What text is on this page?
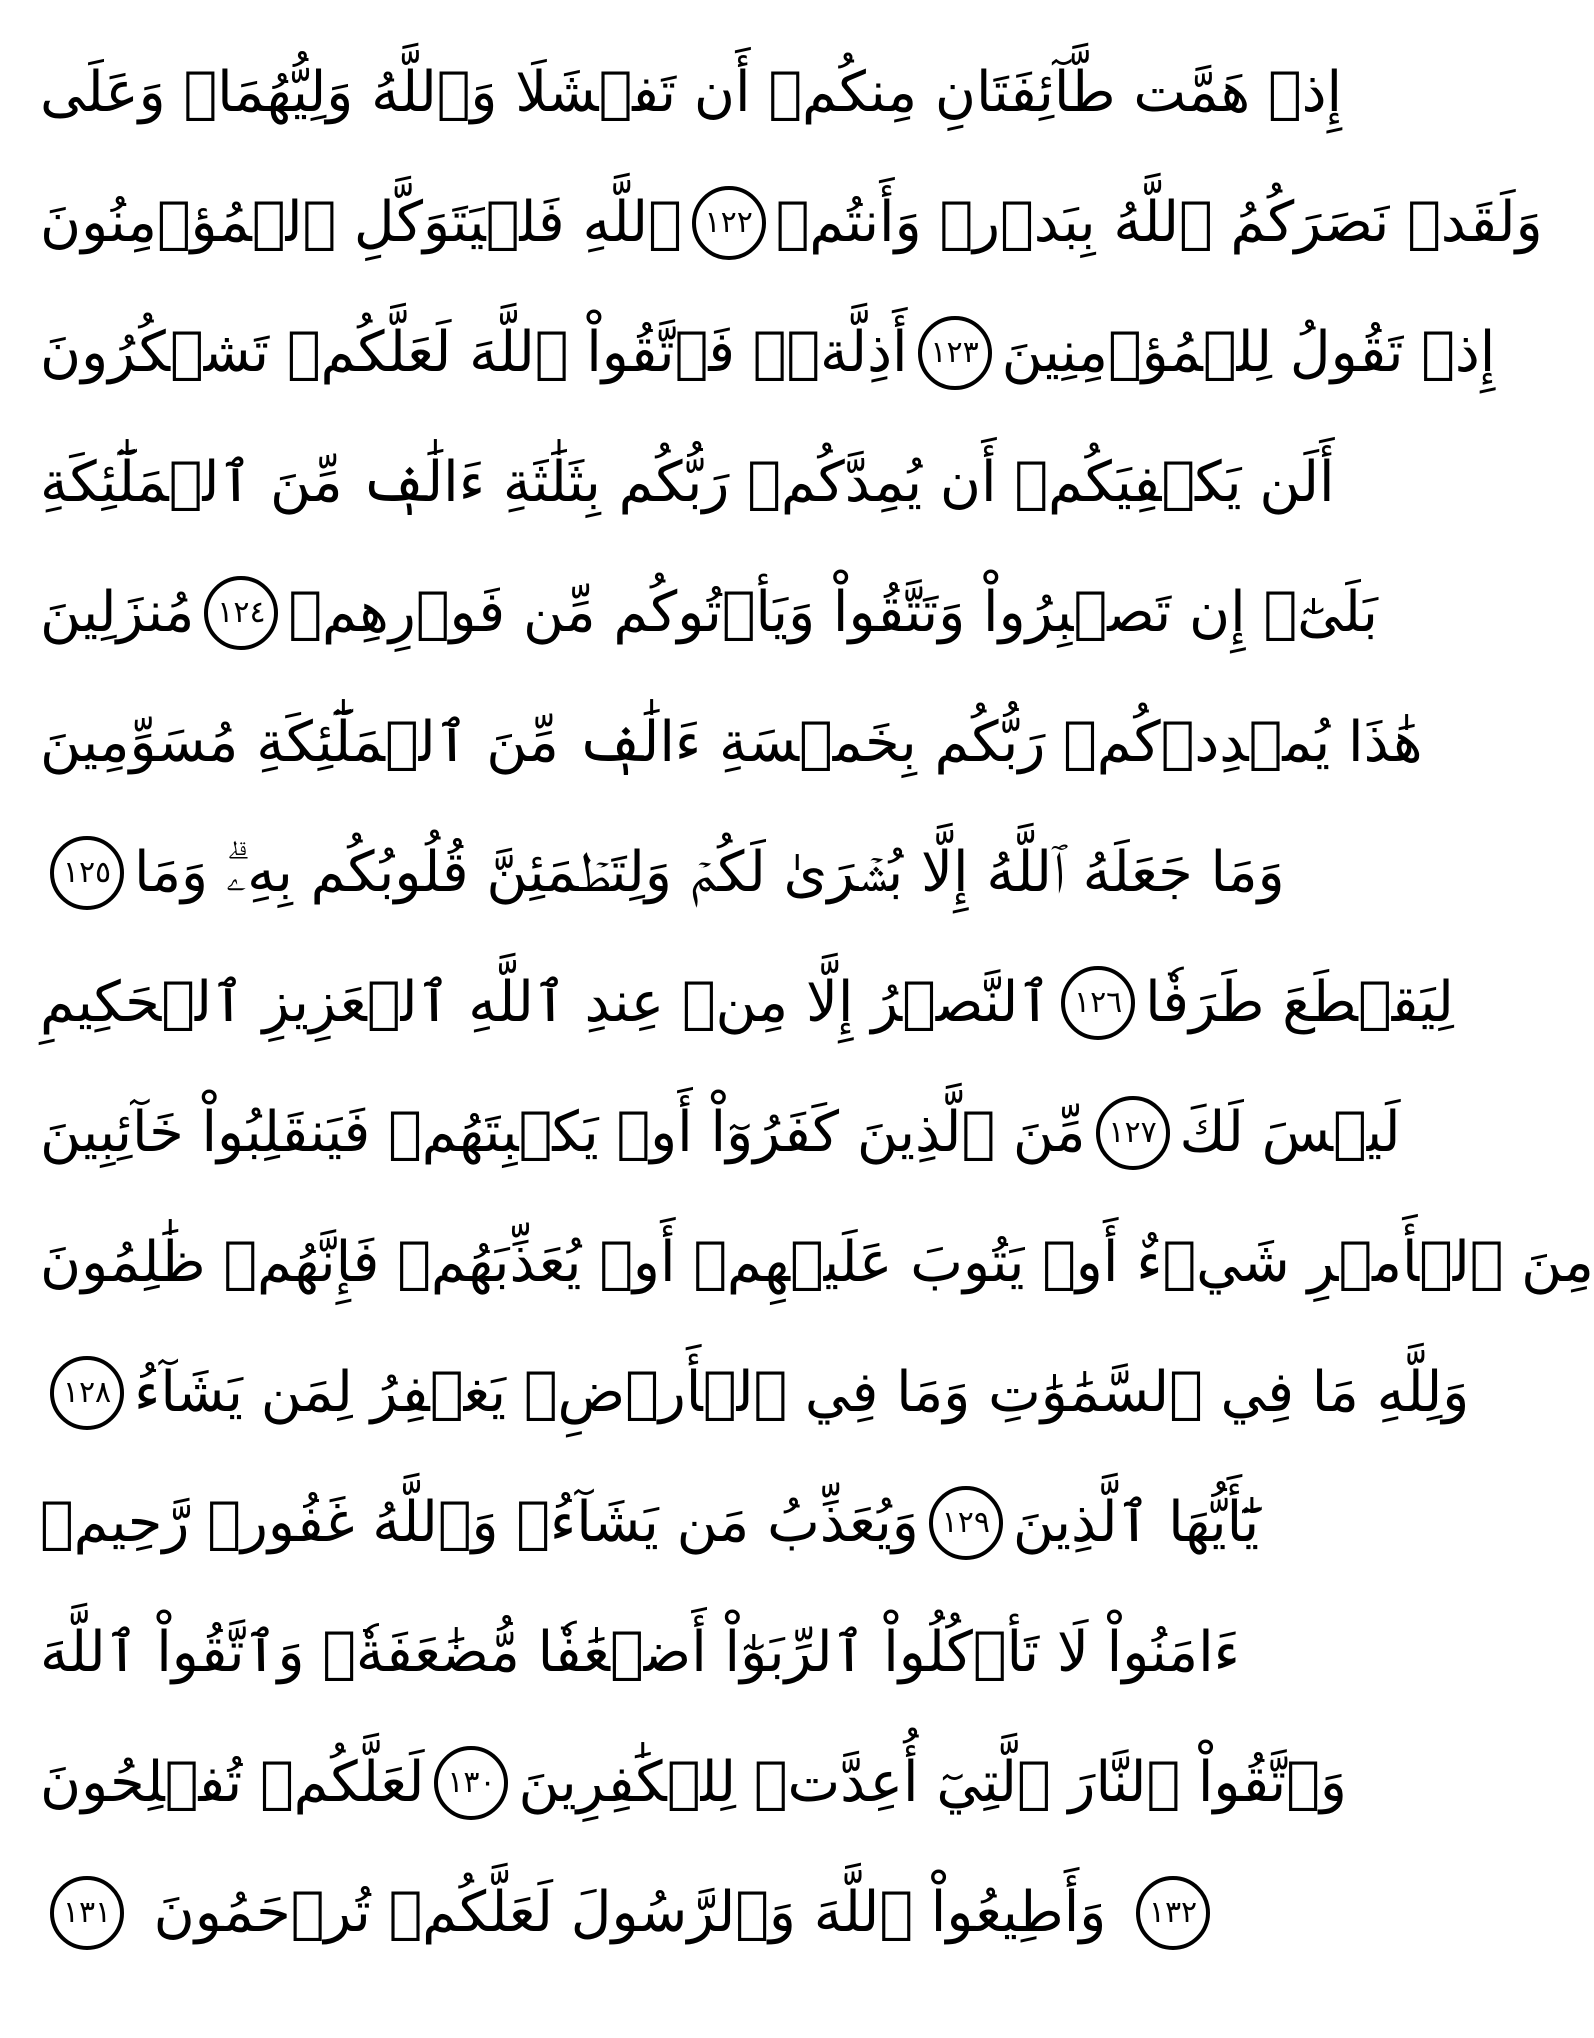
إِذۡ هَمَّت طَّآئِفَتَانِ مِنكُمۡ أَن تَفۡشَلَا وَٱللَّهُ وَلِيُّهُمَاۗ وَعَلَى
ٱللَّهِ فَلۡيَتَوَكَّلِ ٱلۡمُؤۡمِنُونَ ١٢٢ وَلَقَدۡ نَصَرَكُمُ ٱللَّهُ بِبَدۡرٖ وَأَنتُمۡ
أَذِلَّةٞۖ فَٱتَّقُواْ ٱللَّهَ لَعَلَّكُمۡ تَشۡكُرُونَ ١٢٣ إِذۡ تَقُولُ لِلۡمُؤۡمِنِينَ
أَلَن يَكۡفِيَكُمۡ أَن يُمِدَّكُمۡ رَبُّكُم بِثَلَٰثَةِ ءَالَٰفٖ مِّنَ ٱلۡمَلَٰٓئِكَةِ
مُنزَلِينَ ١٢٤ بَلَىٰٓۚ إِن تَصۡبِرُواْ وَتَتَّقُواْ وَيَأۡتُوكُم مِّن فَوۡرِهِمۡ
هَٰذَا يُمۡدِدۡكُمۡ رَبُّكُم بِخَمۡسَةِ ءَالَٰفٖ مِّنَ ٱلۡمَلَٰٓئِكَةِ مُسَوِّمِينَ
١٢٥ وَمَا جَعَلَهُ ٱللَّهُ إِلَّا بُشۡرَىٰ لَكُمۡ وَلِتَطۡمَئِنَّ قُلُوبُكُم بِهِۦۗ وَمَا
ٱلنَّصۡرُ إِلَّا مِنۡ عِندِ ٱللَّهِ ٱلۡعَزِيزِ ٱلۡحَكِيمِ ١٢٦ لِيَقۡطَعَ طَرَفٗا
مِّنَ ٱلَّذِينَ كَفَرُوٓاْ أَوۡ يَكۡبِتَهُمۡ فَيَنقَلِبُواْ خَآئِبِينَ ١٢٧ لَيۡسَ لَكَ
مِنَ ٱلۡأَمۡرِ شَيۡءٌ أَوۡ يَتُوبَ عَلَيۡهِمۡ أَوۡ يُعَذِّبَهُمۡ فَإِنَّهُمۡ ظَٰلِمُونَ
١٢٨ وَلِلَّهِ مَا فِي ٱلسَّمَٰوَٰتِ وَمَا فِي ٱلۡأَرۡضِۚ يَغۡفِرُ لِمَن يَشَآءُ
وَيُعَذِّبُ مَن يَشَآءُۚ وَٱللَّهُ غَفُورٞ رَّحِيمٞ ١٢٩ يَٰٓأَيُّهَا ٱلَّذِينَ
ءَامَنُواْ لَا تَأۡكُلُواْ ٱلرِّبَوٰٓاْ أَضۡعَٰفٗا مُّضَٰعَفَةٗۖ وَٱتَّقُواْ ٱللَّهَ
لَعَلَّكُمۡ تُفۡلِحُونَ ١٣٠ وَٱتَّقُواْ ٱلنَّارَ ٱلَّتِيٓ أُعِدَّتۡ لِلۡكَٰفِرِينَ
١٣١ وَأَطِيعُواْ ٱللَّهَ وَٱلرَّسُولَ لَعَلَّكُمۡ تُرۡحَمُونَ	١٣٢
